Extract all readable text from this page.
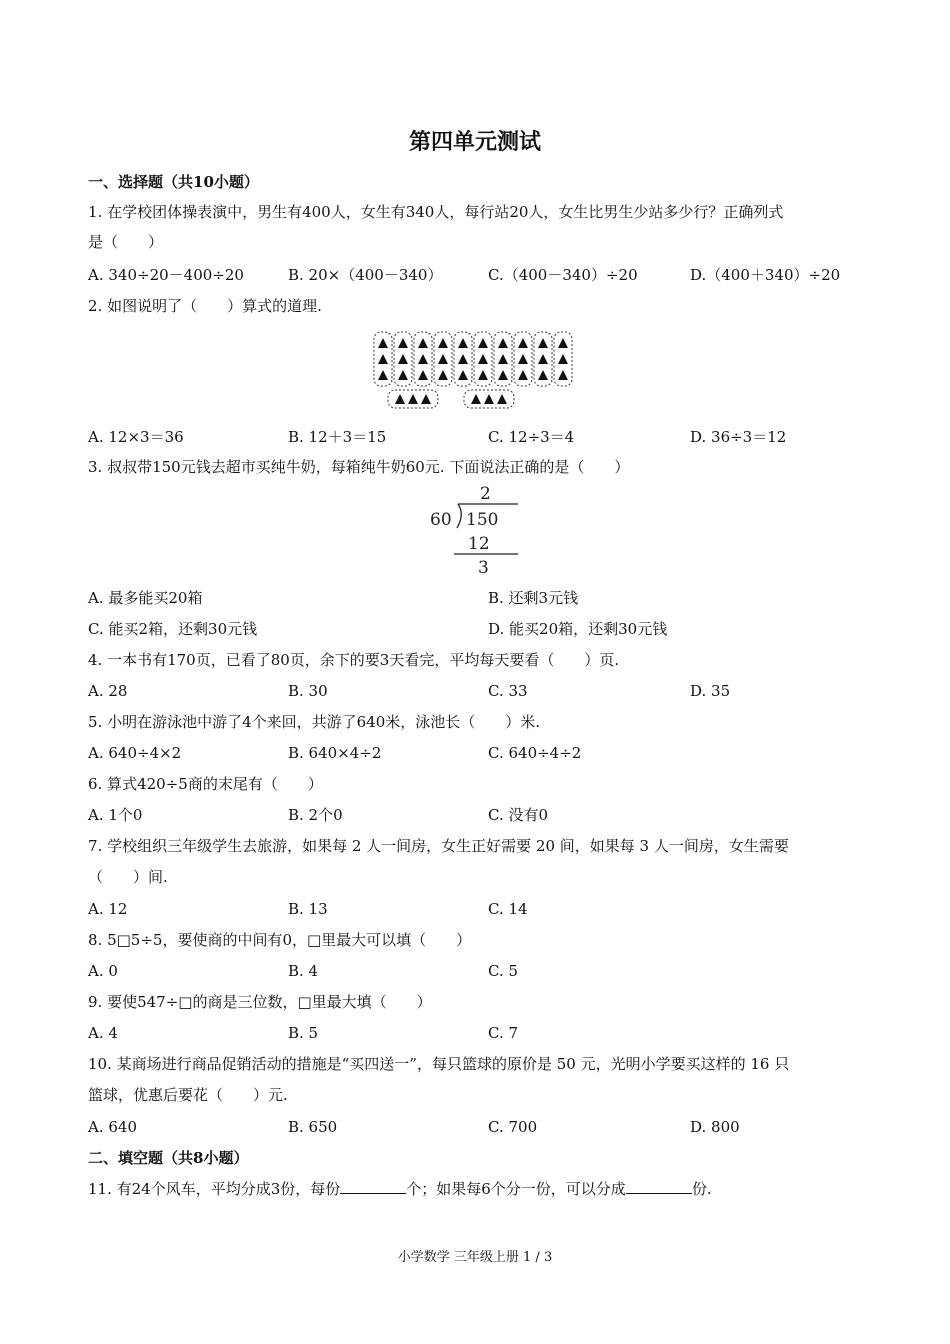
第四单元测试
一、选择题（共10小题）
1. 在学校团体操表演中，男生有400人，女生有340人，每行站20人，女生比男生少站多少行？正确列式
是（　　）
A. 340÷20－400÷20	B. 20×（400－340）	C.（400－340）÷20	D.（400＋340）÷20
2. 如图说明了（　　）算式的道理.
A. 12×3＝36	B. 12＋3＝15	C. 12÷3＝4	D. 36÷3＝12
3. 叔叔带150元钱去超市买纯牛奶，每箱纯牛奶60元. 下面说法正确的是（　　）
2
60 150
12
3
A. 最多能买20箱	B. 还剩3元钱
C. 能买2箱，还剩30元钱	D. 能买20箱，还剩30元钱
4. 一本书有170页，已看了80页，余下的要3天看完，平均每天要看（　　）页.
A. 28	B. 30	C. 33	D. 35
5. 小明在游泳池中游了4个来回，共游了640米，泳池长（　　）米.
A. 640÷4×2	B. 640×4÷2	C. 640÷4÷2
6. 算式420÷5商的末尾有（　　）
A. 1个0	B. 2个0	C. 没有0
7. 学校组织三年级学生去旅游，如果每 2 人一间房，女生正好需要 20 间，如果每 3 人一间房，女生需要
（　　）间.
A. 12	B. 13	C. 14
8. 5□5÷5，要使商的中间有0，□里最大可以填（　　）
A. 0	B. 4	C. 5
9. 要使547÷□的商是三位数，□里最大填（　　）
A. 4	B. 5	C. 7
10. 某商场进行商品促销活动的措施是“买四送一”，每只篮球的原价是 50 元，光明小学要买这样的 16 只
篮球，优惠后要花（　　）元.
A. 640	B. 650	C. 700	D. 800
二、填空题（共8小题）
11. 有24个风车，平均分成3份，每份	个；如果每6个分一份，可以分成	份.
小学数学 三年级上册 1 / 3
